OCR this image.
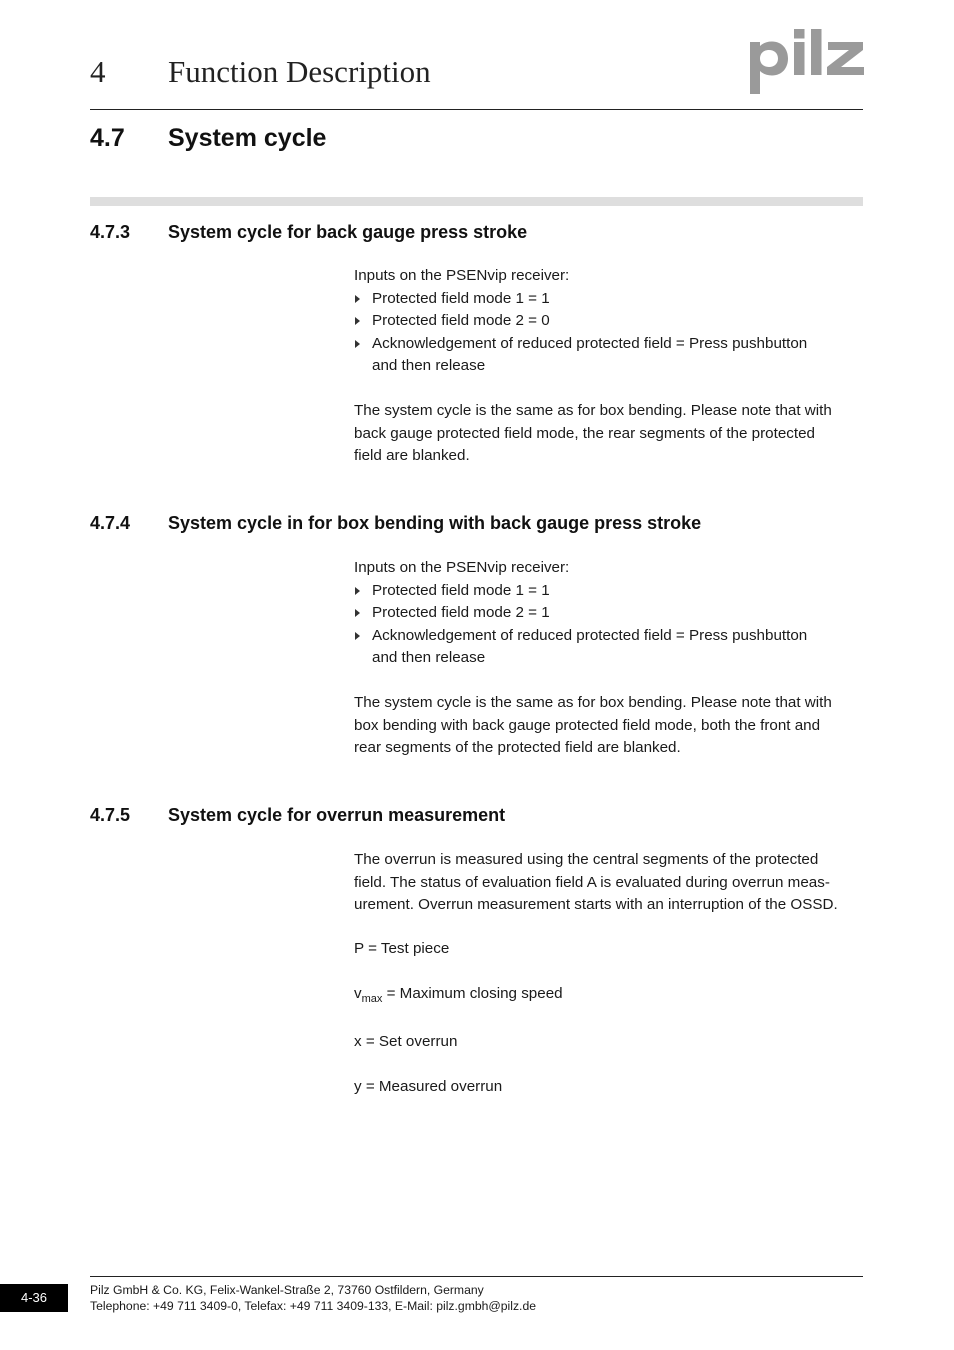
4 Function Description
4.7 System cycle
4.7.3 System cycle for back gauge press stroke
Inputs on the PSENvip receiver:
Protected field mode 1 = 1
Protected field mode 2 = 0
Acknowledgement of reduced protected field = Press pushbutton
and then release
The system cycle is the same as for box bending. Please note that with
back gauge protected field mode, the rear segments of the protected
field are blanked.
4.7.4 System cycle in for box bending with back gauge press stroke
Inputs on the PSENvip receiver:
Protected field mode 1 = 1
Protected field mode 2 = 1
Acknowledgement of reduced protected field = Press pushbutton
and then release
The system cycle is the same as for box bending. Please note that with
box bending with back gauge protected field mode, both the front and
rear segments of the protected field are blanked.
4.7.5 System cycle for overrun measurement
The overrun is measured using the central segments of the protected
field. The status of evaluation field A is evaluated during overrun meas-
urement. Overrun measurement starts with an interruption of the OSSD.
P = Test piece
$v_{max}$ = Maximum closing speed
x = Set overrun
y = Measured overrun
4-36	Pilz GmbH & Co. KG, Felix-Wankel-Straße 2, 73760 Ostfildern, Germany
Telephone: +49 711 3409-0, Telefax: +49 711 3409-133, E-Mail: pilz.gmbh@pilz.de
